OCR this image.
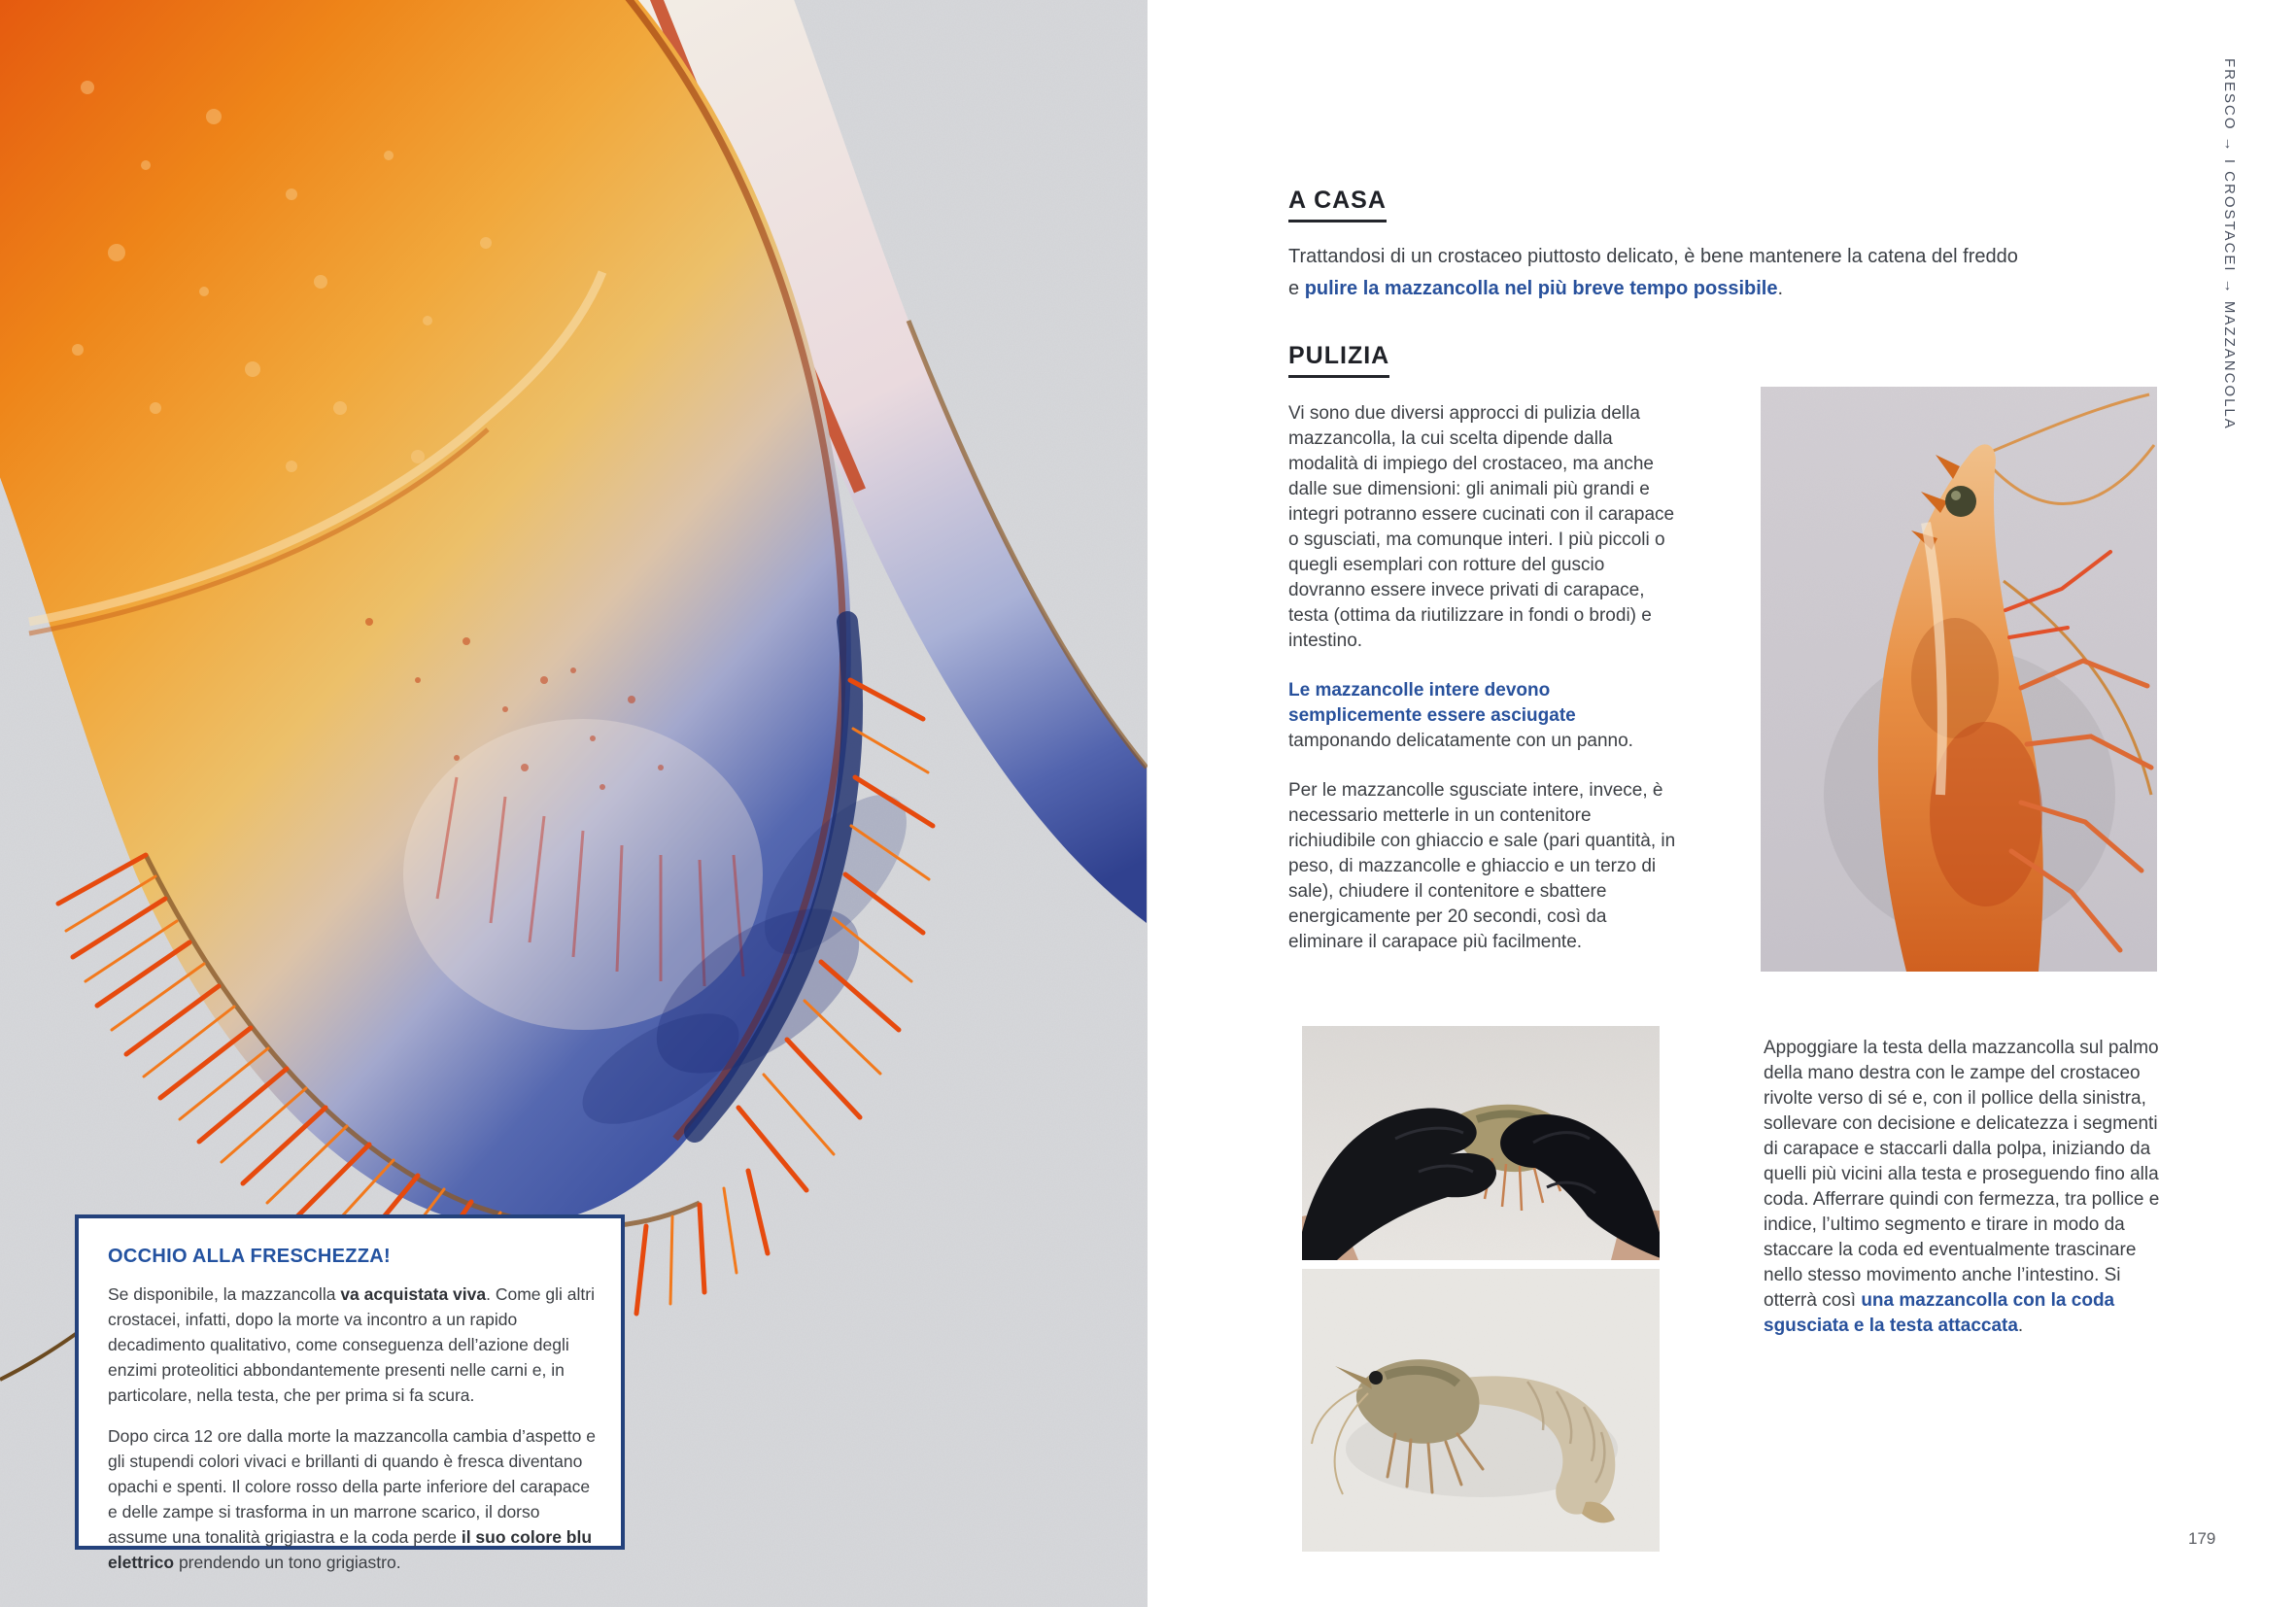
OCCHIO ALLA FRESCHEZZA!

Se disponibile, la mazzancolla va acquistata viva. Come gli altri crostacei, infatti, dopo la morte va incontro a un rapido decadimento qualitativo, come conseguenza dell’azione degli enzimi proteolitici abbondantemente presenti nelle carni e, in particolare, nella testa, che per prima si fa scura.

Dopo circa 12 ore dalla morte la mazzancolla cambia d’aspetto e gli stupendi colori vivaci e brillanti di quando è fresca diventano opachi e spenti. Il colore rosso della parte inferiore del carapace e delle zampe si trasforma in un marrone scarico, il dorso assume una tonalità grigiastra e la coda perde il suo colore blu elettrico prendendo un tono grigiastro.

A CASA
Trattandosi di un crostaceo piuttosto delicato, è bene mantenere la catena del freddo
e pulire la mazzancolla nel più breve tempo possibile.
PULIZIA

Vi sono due diversi approcci di pulizia della mazzancolla, la cui scelta dipende dalla modalità di impiego del crostaceo, ma anche dalle sue dimensioni: gli animali più grandi e integri potranno essere cucinati con il carapace o sgusciati, ma comunque interi. I più piccoli o quegli esemplari con rotture del guscio dovranno essere invece privati di carapace, testa (ottima da riutilizzare in fondi o brodi) e intestino.

Le mazzancolle intere devono semplicemente essere asciugate tamponando delicatamente con un panno.

Per le mazzancolle sgusciate intere, invece, è necessario metterle in un contenitore richiudibile con ghiaccio e sale (pari quantità, in peso, di mazzancolle e ghiaccio e un terzo di sale), chiudere il contenitore e sbattere energicamente per 20 secondi, così da eliminare il carapace più facilmente.

Appoggiare la testa della mazzancolla sul palmo della mano destra con le zampe del crostaceo rivolte verso di sé e, con il pollice della sinistra, sollevare con decisione e delicatezza i segmenti di carapace e staccarli dalla polpa, iniziando da quelli più vicini alla testa e proseguendo fino alla coda. Afferrare quindi con fermezza, tra pollice e indice, l’ultimo segmento e tirare in modo da staccare la coda ed eventualmente trascinare nello stesso movimento anche l’intestino. Si otterrà così una mazzancolla con la coda sgusciata e la testa attaccata.
FRESCO → I CROSTACEI → MAZZANCOLLA
179
